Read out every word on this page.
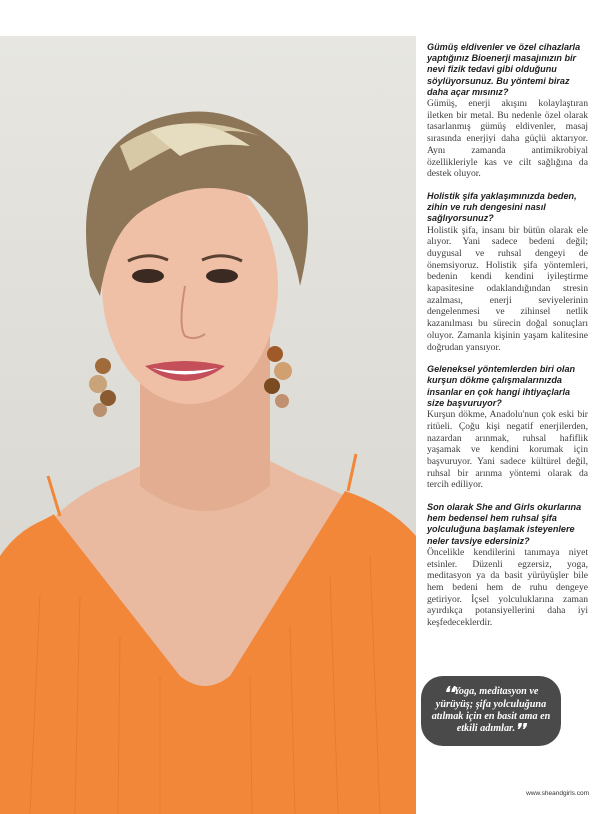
Gümüş eldivenler ve özel cihazlarla yaptığınız Bioenerji masajınızın bir nevi fizik tedavi gibi olduğunu söylüyorsunuz. Bu yöntemi biraz daha açar mısınız?

Gümüş, enerji akışını kolaylaştıran iletken bir metal. Bu nedenle özel olarak tasarlanmış gümüş eldivenler, masaj sırasında enerjiyi daha güçlü aktarıyor. Aynı zamanda antimikrobiyal özellikleriyle kas ve cilt sağlığına da destek oluyor.

Holistik şifa yaklaşımınızda beden, zihin ve ruh dengesini nasıl sağlıyorsunuz?

Holistik şifa, insanı bir bütün olarak ele alıyor. Yani sadece bedeni değil; duygusal ve ruhsal dengeyi de önemsiyoruz. Holistik şifa yöntemleri, bedenin kendi kendini iyileştirme kapasitesine odaklandığından stresin azalması, enerji seviyelerinin dengelenmesi ve zihinsel netlik kazanılması bu sürecin doğal sonuçları oluyor. Zamanla kişinin yaşam kalitesine doğrudan yansıyor.

Geleneksel yöntemlerden biri olan kurşun dökme çalışmalarınızda insanlar en çok hangi ihtiyaçlarla size başvuruyor?

Kurşun dökme, Anadolu'nun çok eski bir ritüeli. Çoğu kişi negatif enerjilerden, nazardan arınmak, ruhsal hafiflik yaşamak ve kendini korumak için başvuruyor. Yani sadece kültürel değil, ruhsal bir arınma yöntemi olarak da tercih ediliyor.

Son olarak She and Girls okurlarına hem bedensel hem ruhsal şifa yolculuğuna başlamak isteyenlere neler tavsiye edersiniz?

Öncelikle kendilerini tanımaya niyet etsinler. Düzenli egzersiz, yoga, meditasyon ya da basit yürüyüşler bile hem bedeni hem de ruhu dengeye getiriyor. İçsel yolculuklarına zaman ayırdıkça potansiyellerini daha iyi keşfedeceklerdir.

❛❛Yoga, meditasyon ve yürüyüş; şifa yolculuğuna atılmak için en basit ama en etkili adımlar.❜❜
www.sheandgirls.com
